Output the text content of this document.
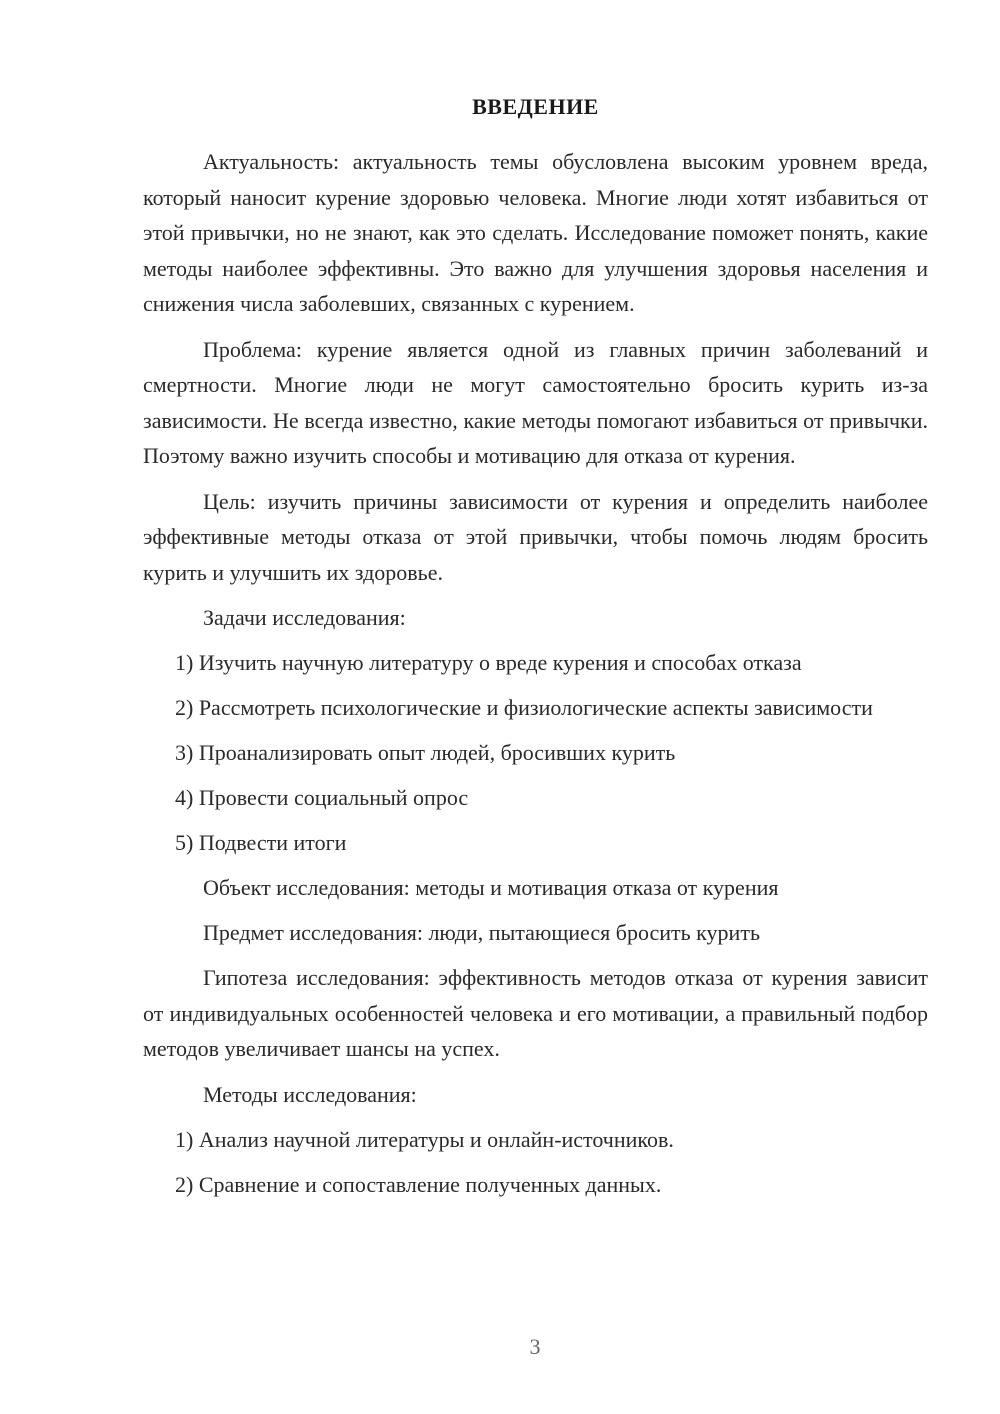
ВВЕДЕНИЕ

Актуальность: актуальность темы обусловлена высоким уровнем вреда, который наносит курение здоровью человека. Многие люди хотят избавиться от этой привычки, но не знают, как это сделать. Исследование поможет понять, какие методы наиболее эффективны. Это важно для улучшения здоровья населения и снижения числа заболевших, связанных с курением.

Проблема: курение является одной из главных причин заболеваний и смертности. Многие люди не могут самостоятельно бросить курить из-за зависимости. Не всегда известно, какие методы помогают избавиться от привычки. Поэтому важно изучить способы и мотивацию для отказа от курения.

Цель: изучить причины зависимости от курения и определить наиболее эффективные методы отказа от этой привычки, чтобы помочь людям бросить курить и улучшить их здоровье.

Задачи исследования:
1) Изучить научную литературу о вреде курения и способах отказа
2) Рассмотреть психологические и физиологические аспекты зависимости
3) Проанализировать опыт людей, бросивших курить
4) Провести социальный опрос
5) Подвести итоги
Объект исследования: методы и мотивация отказа от курения
Предмет исследования: люди, пытающиеся бросить курить

Гипотеза исследования: эффективность методов отказа от курения зависит от индивидуальных особенностей человека и его мотивации, а правильный подбор методов увеличивает шансы на успех.

Методы исследования:
1) Анализ научной литературы и онлайн-источников.
2) Сравнение и сопоставление полученных данных.
3
